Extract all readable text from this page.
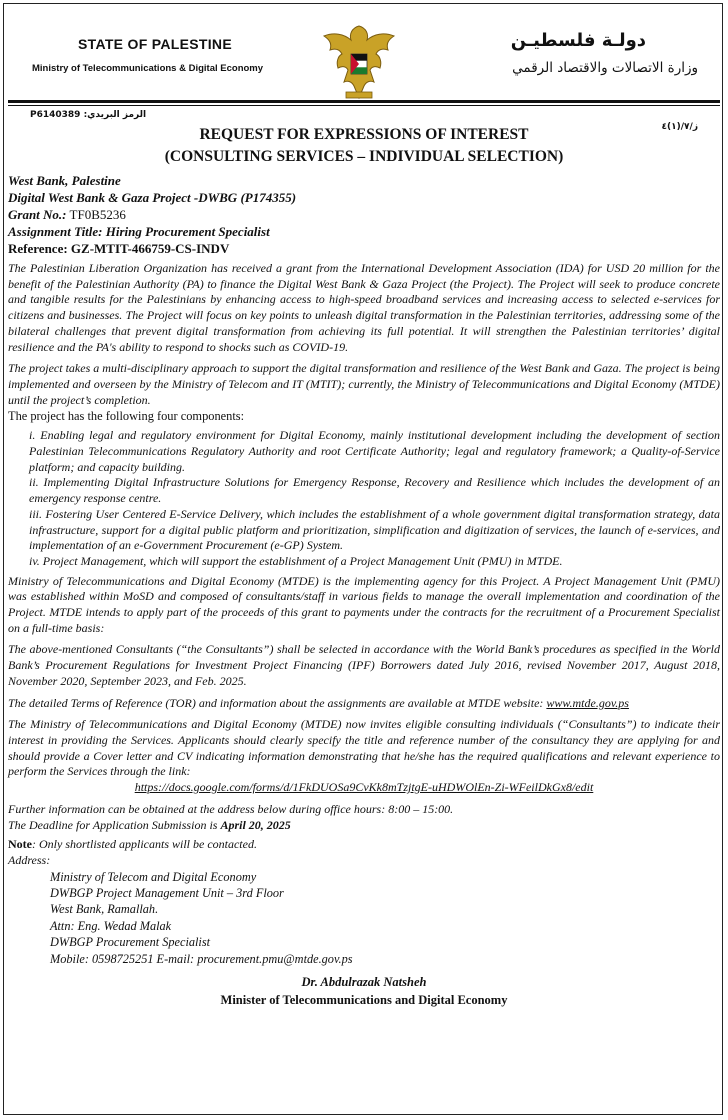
STATE OF PALESTINE
Ministry of Telecommunications & Digital Economy
دولـة فلسطيـن
وزارة الاتصالات والاقتصاد الرقمي
P6140389 :الرمز البريدي
ز/٧/(١)٤
REQUEST FOR EXPRESSIONS OF INTEREST
(CONSULTING SERVICES – INDIVIDUAL SELECTION)
West Bank, Palestine
Digital West Bank & Gaza Project -DWBG (P174355)
Grant No.: TF0B5236
Assignment Title: Hiring Procurement Specialist
Reference: GZ-MTIT-466759-CS-INDV

The Palestinian Liberation Organization has received a grant from the International Development Association (IDA) for USD 20 million for the benefit of the Palestinian Authority (PA) to finance the Digital West Bank & Gaza Project (the Project). The Project will seek to produce concrete and tangible results for the Palestinians by enhancing access to high-speed broadband services and increasing access to selected e-services for citizens and businesses. The Project will focus on key points to unleash digital transformation in the Palestinian territories, addressing some of the bilateral challenges that prevent digital transformation from achieving its full potential. It will strengthen the Palestinian territories’ digital resilience and the PA's ability to respond to shocks such as COVID-19.

The project takes a multi-disciplinary approach to support the digital transformation and resilience of the West Bank and Gaza. The project is being implemented and overseen by the Ministry of Telecom and IT (MTIT); currently, the Ministry of Telecommunications and Digital Economy (MTDE) until the project’s completion.

The project has the following four components:

i. Enabling legal and regulatory environment for Digital Economy, mainly institutional development including the development of section Palestinian Telecommunications Regulatory Authority and root Certificate Authority; legal and regulatory framework; a Quality-of-Service platform; and capacity building.

ii. Implementing Digital Infrastructure Solutions for Emergency Response, Recovery and Resilience which includes the development of an emergency response centre.

iii. Fostering User Centered E-Service Delivery, which includes the establishment of a whole government digital transformation strategy, data infrastructure, support for a digital public platform and prioritization, simplification and digitization of services, the launch of e-services, and implementation of an e-Government Procurement (e-GP) System.

iv. Project Management, which will support the establishment of a Project Management Unit (PMU) in MTDE.

Ministry of Telecommunications and Digital Economy (MTDE) is the implementing agency for this Project. A Project Management Unit (PMU) was established within MoSD and composed of consultants/staff in various fields to manage the overall implementation and coordination of the Project. MTDE intends to apply part of the proceeds of this grant to payments under the contracts for the recruitment of a Procurement Specialist on a full-time basis:

The above-mentioned Consultants (“the Consultants”) shall be selected in accordance with the World Bank’s procedures as specified in the World Bank’s Procurement Regulations for Investment Project Financing (IPF) Borrowers dated July 2016, revised November 2017, August 2018, November 2020, September 2023, and Feb. 2025.

The detailed Terms of Reference (TOR) and information about the assignments are available at MTDE website: www.mtde.gov.ps

The Ministry of Telecommunications and Digital Economy (MTDE) now invites eligible consulting individuals (“Consultants”) to indicate their interest in providing the Services. Applicants should clearly specify the title and reference number of the consultancy they are applying for and should provide a Cover letter and CV indicating information demonstrating that he/she has the required qualifications and relevant experience to perform the Services through the link:

https://docs.google.com/forms/d/1FkDUOSa9CvKk8mTzjtgE-uHDWOlEn-Zi-WFeilDkGx8/edit

Further information can be obtained at the address below during office hours: 8:00 – 15:00.

The Deadline for Application Submission is April 20, 2025

Note: Only shortlisted applicants will be contacted.

Address:

Ministry of Telecom and Digital Economy
DWBGP Project Management Unit – 3rd Floor
West Bank, Ramallah.
Attn: Eng. Wedad Malak
DWBGP Procurement Specialist
Mobile: 0598725251 E-mail: procurement.pmu@mtde.gov.ps
Dr. Abdulrazak Natsheh
Minister of Telecommunications and Digital Economy
